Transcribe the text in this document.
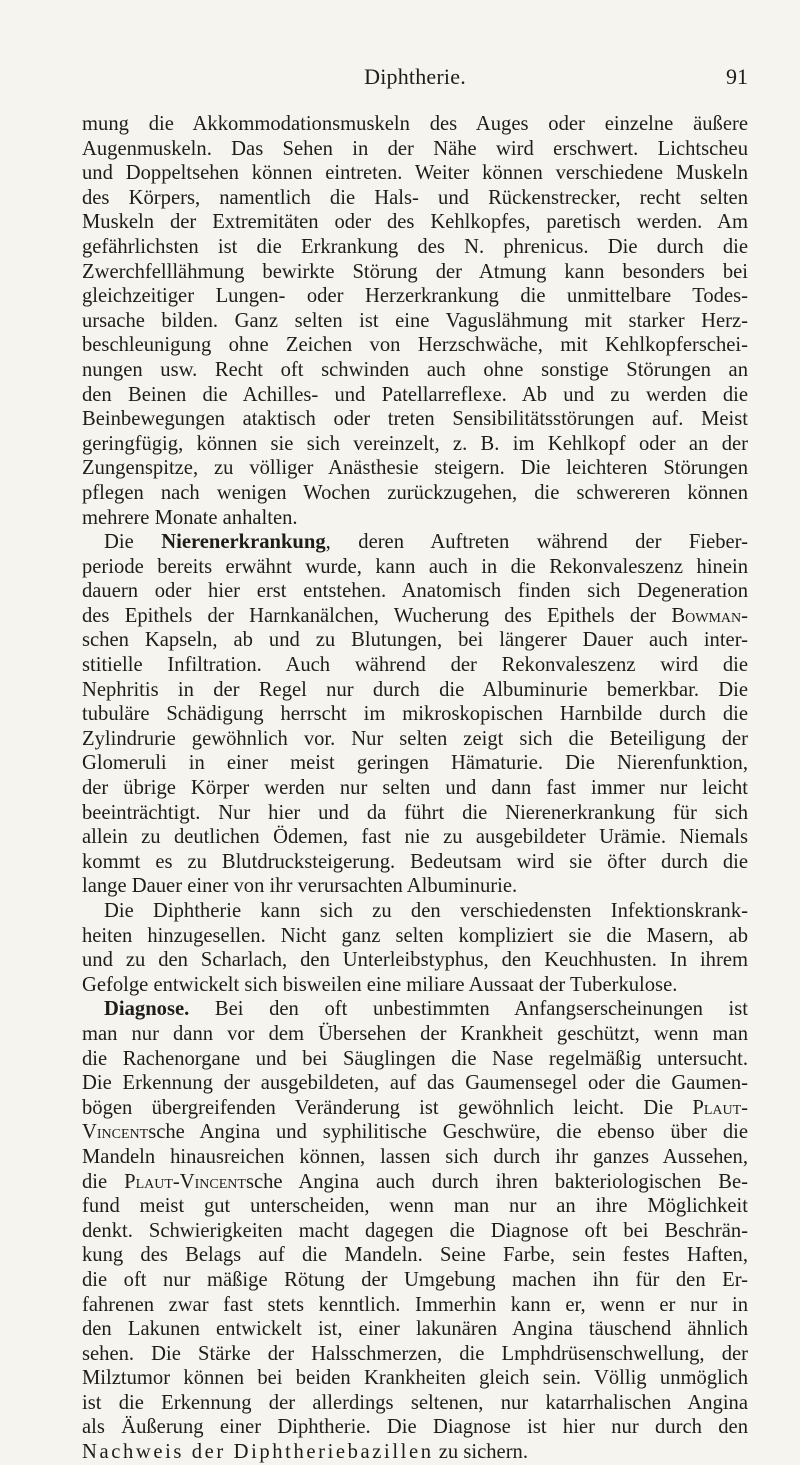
Diphtherie.	91
mung die Akkommodationsmuskeln des Auges oder einzelne äußere
Augenmuskeln. Das Sehen in der Nähe wird erschwert. Lichtscheu
und Doppeltsehen können eintreten. Weiter können verschiedene Muskeln
des Körpers, namentlich die Hals- und Rückenstrecker, recht selten
Muskeln der Extremitäten oder des Kehlkopfes, paretisch werden. Am
gefährlichsten ist die Erkrankung des N. phrenicus. Die durch die
Zwerchfelllähmung bewirkte Störung der Atmung kann besonders bei
gleichzeitiger Lungen- oder Herzerkrankung die unmittelbare Todes-
ursache bilden. Ganz selten ist eine Vaguslähmung mit starker Herz-
beschleunigung ohne Zeichen von Herzschwäche, mit Kehlkopferschei-
nungen usw. Recht oft schwinden auch ohne sonstige Störungen an
den Beinen die Achilles- und Patellarreflexe. Ab und zu werden die
Beinbewegungen ataktisch oder treten Sensibilitätsstörungen auf. Meist
geringfügig, können sie sich vereinzelt, z. B. im Kehlkopf oder an der
Zungenspitze, zu völliger Anästhesie steigern. Die leichteren Störungen
pflegen nach wenigen Wochen zurückzugehen, die schwereren können
mehrere Monate anhalten.
Die Nierenerkrankung, deren Auftreten während der Fieber-
periode bereits erwähnt wurde, kann auch in die Rekonvaleszenz hinein
dauern oder hier erst entstehen. Anatomisch finden sich Degeneration
des Epithels der Harnkanälchen, Wucherung des Epithels der Bowman-
schen Kapseln, ab und zu Blutungen, bei längerer Dauer auch inter-
stitielle Infiltration. Auch während der Rekonvaleszenz wird die
Nephritis in der Regel nur durch die Albuminurie bemerkbar. Die
tubuläre Schädigung herrscht im mikroskopischen Harnbilde durch die
Zylindrurie gewöhnlich vor. Nur selten zeigt sich die Beteiligung der
Glomeruli in einer meist geringen Hämaturie. Die Nierenfunktion,
der übrige Körper werden nur selten und dann fast immer nur leicht
beeinträchtigt. Nur hier und da führt die Nierenerkrankung für sich
allein zu deutlichen Ödemen, fast nie zu ausgebildeter Urämie. Niemals
kommt es zu Blutdrucksteigerung. Bedeutsam wird sie öfter durch die
lange Dauer einer von ihr verursachten Albuminurie.
Die Diphtherie kann sich zu den verschiedensten Infektionskrank-
heiten hinzugesellen. Nicht ganz selten kompliziert sie die Masern, ab
und zu den Scharlach, den Unterleibstyphus, den Keuchhusten. In ihrem
Gefolge entwickelt sich bisweilen eine miliare Aussaat der Tuberkulose.
Diagnose. Bei den oft unbestimmten Anfangserscheinungen ist
man nur dann vor dem Übersehen der Krankheit geschützt, wenn man
die Rachenorgane und bei Säuglingen die Nase regelmäßig untersucht.
Die Erkennung der ausgebildeten, auf das Gaumensegel oder die Gaumen-
bögen übergreifenden Veränderung ist gewöhnlich leicht. Die Plaut-
Vincentsche Angina und syphilitische Geschwüre, die ebenso über die
Mandeln hinausreichen können, lassen sich durch ihr ganzes Aussehen,
die Plaut-Vincentsche Angina auch durch ihren bakteriologischen Be-
fund meist gut unterscheiden, wenn man nur an ihre Möglichkeit
denkt. Schwierigkeiten macht dagegen die Diagnose oft bei Beschrän-
kung des Belags auf die Mandeln. Seine Farbe, sein festes Haften,
die oft nur mäßige Rötung der Umgebung machen ihn für den Er-
fahrenen zwar fast stets kenntlich. Immerhin kann er, wenn er nur in
den Lakunen entwickelt ist, einer lakunären Angina täuschend ähnlich
sehen. Die Stärke der Halsschmerzen, die Lmphdrüsenschwellung, der
Milztumor können bei beiden Krankheiten gleich sein. Völlig unmöglich
ist die Erkennung der allerdings seltenen, nur katarrhalischen Angina
als Äußerung einer Diphtherie. Die Diagnose ist hier nur durch den
Nachweis der Diphtheriebazillen zu sichern.
